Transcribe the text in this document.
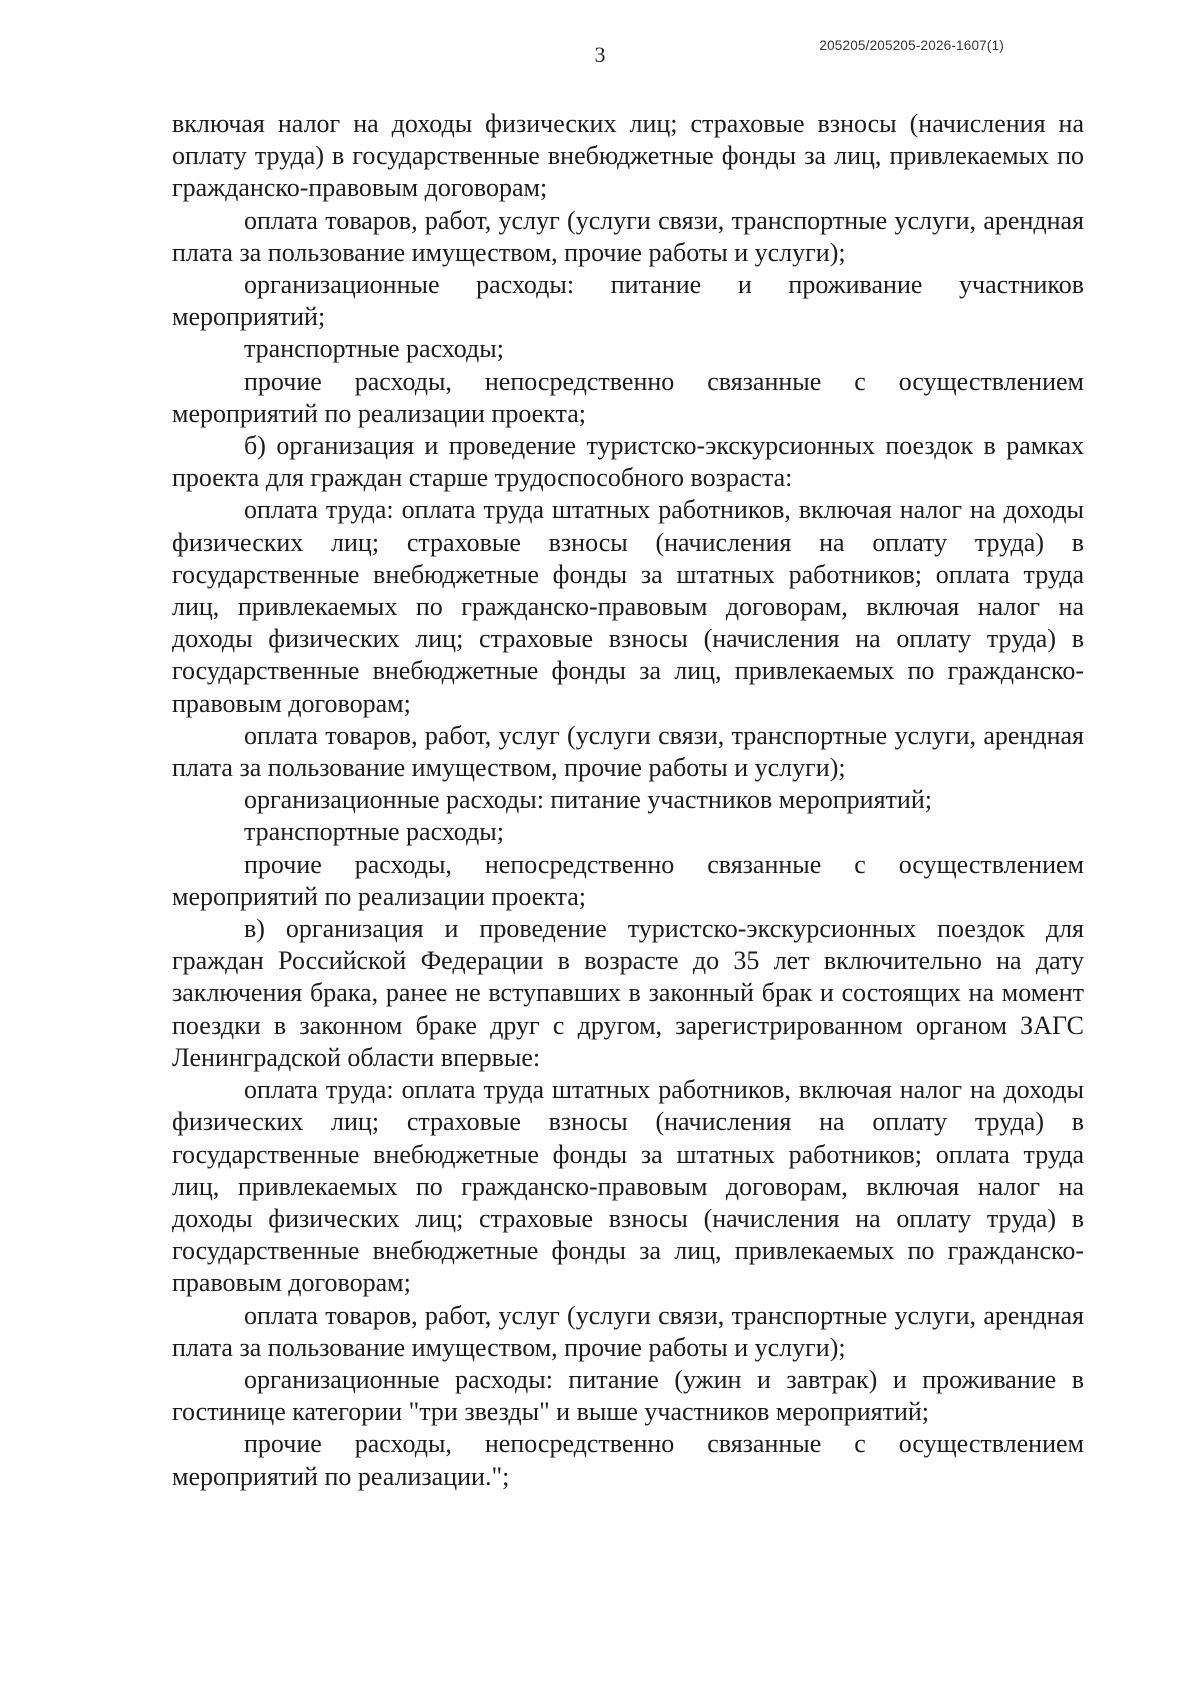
3	205205/205205-2026-1607(1)

включая налог на доходы физических лиц; страховые взносы (начисления на оплату труда) в государственные внебюджетные фонды за лиц, привлекаемых по гражданско-правовым договорам;

оплата товаров, работ, услуг (услуги связи, транспортные услуги, арендная плата за пользование имуществом, прочие работы и услуги);

организационные расходы: питание и проживание участников мероприятий;

транспортные расходы;

прочие расходы, непосредственно связанные с осуществлением мероприятий по реализации проекта;

б) организация и проведение туристско-экскурсионных поездок в рамках проекта для граждан старше трудоспособного возраста:

оплата труда: оплата труда штатных работников, включая налог на доходы физических лиц; страховые взносы (начисления на оплату труда) в государственные внебюджетные фонды за штатных работников; оплата труда лиц, привлекаемых по гражданско-правовым договорам, включая налог на доходы физических лиц; страховые взносы (начисления на оплату труда) в государственные внебюджетные фонды за лиц, привлекаемых по гражданско-правовым договорам;

оплата товаров, работ, услуг (услуги связи, транспортные услуги, арендная плата за пользование имуществом, прочие работы и услуги);

организационные расходы: питание участников мероприятий;

транспортные расходы;

прочие расходы, непосредственно связанные с осуществлением мероприятий по реализации проекта;

в) организация и проведение туристско-экскурсионных поездок для граждан Российской Федерации в возрасте до 35 лет включительно на дату заключения брака, ранее не вступавших в законный брак и состоящих на момент поездки в законном браке друг с другом, зарегистрированном органом ЗАГС Ленинградской области впервые:

оплата труда: оплата труда штатных работников, включая налог на доходы физических лиц; страховые взносы (начисления на оплату труда) в государственные внебюджетные фонды за штатных работников; оплата труда лиц, привлекаемых по гражданско-правовым договорам, включая налог на доходы физических лиц; страховые взносы (начисления на оплату труда) в государственные внебюджетные фонды за лиц, привлекаемых по гражданско-правовым договорам;

оплата товаров, работ, услуг (услуги связи, транспортные услуги, арендная плата за пользование имуществом, прочие работы и услуги);

организационные расходы: питание (ужин и завтрак) и проживание в гостинице категории "три звезды" и выше участников мероприятий;

прочие расходы, непосредственно связанные с осуществлением мероприятий по реализации.";
